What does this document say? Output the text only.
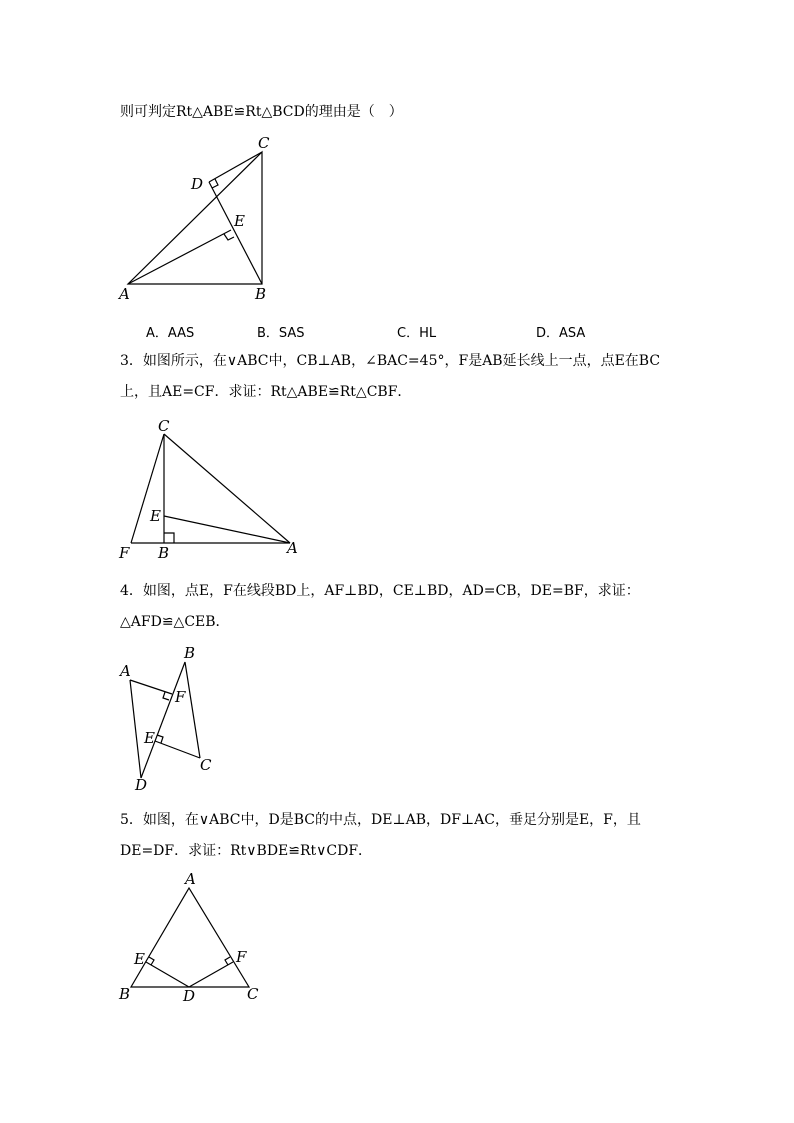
则可判定Rt△ABE≌Rt△BCD的理由是（　）
C
D
E
A	B
A．AAS	B．SAS	C．HL	D．ASA
3．如图所示，在∨ABC中，CB⊥AB，∠BAC=45°，F是AB延长线上一点，点E在BC
上，且AE=CF．求证：Rt△ABE≌Rt△CBF．
C
E
F B	A
4．如图，点E，F在线段BD上，AF⊥BD，CE⊥BD，AD=CB，DE=BF，求证：
△AFD≌△CEB．
A
B
F
E
D
C
5．如图，在∨ABC中，D是BC的中点，DE⊥AB，DF⊥AC，垂足分别是E，F，且
DE=DF．求证：Rt∨BDE≌Rt∨CDF．
A
E	F
B	D	C
